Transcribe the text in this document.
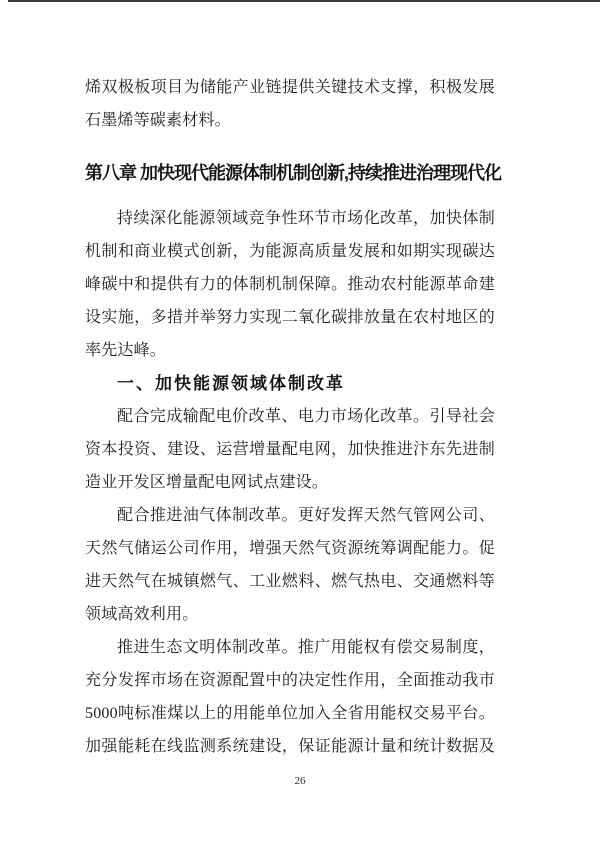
烯双极板项目为储能产业链提供关键技术支撑，积极发展
石墨烯等碳素材料。
第八章 加快现代能源体制机制创新,持续推进治理现代化
持续深化能源领域竞争性环节市场化改革，加快体制
机制和商业模式创新，为能源高质量发展和如期实现碳达
峰碳中和提供有力的体制机制保障。推动农村能源革命建
设实施，多措并举努力实现二氧化碳排放量在农村地区的
率先达峰。
一、加快能源领域体制改革
配合完成输配电价改革、电力市场化改革。引导社会
资本投资、建设、运营增量配电网，加快推进汴东先进制
造业开发区增量配电网试点建设。
配合推进油气体制改革。更好发挥天然气管网公司、
天然气储运公司作用，增强天然气资源统筹调配能力。促
进天然气在城镇燃气、工业燃料、燃气热电、交通燃料等
领域高效利用。
推进生态文明体制改革。推广用能权有偿交易制度，
充分发挥市场在资源配置中的决定性作用，全面推动我市
5000吨标准煤以上的用能单位加入全省用能权交易平台。
加强能耗在线监测系统建设，保证能源计量和统计数据及
26
